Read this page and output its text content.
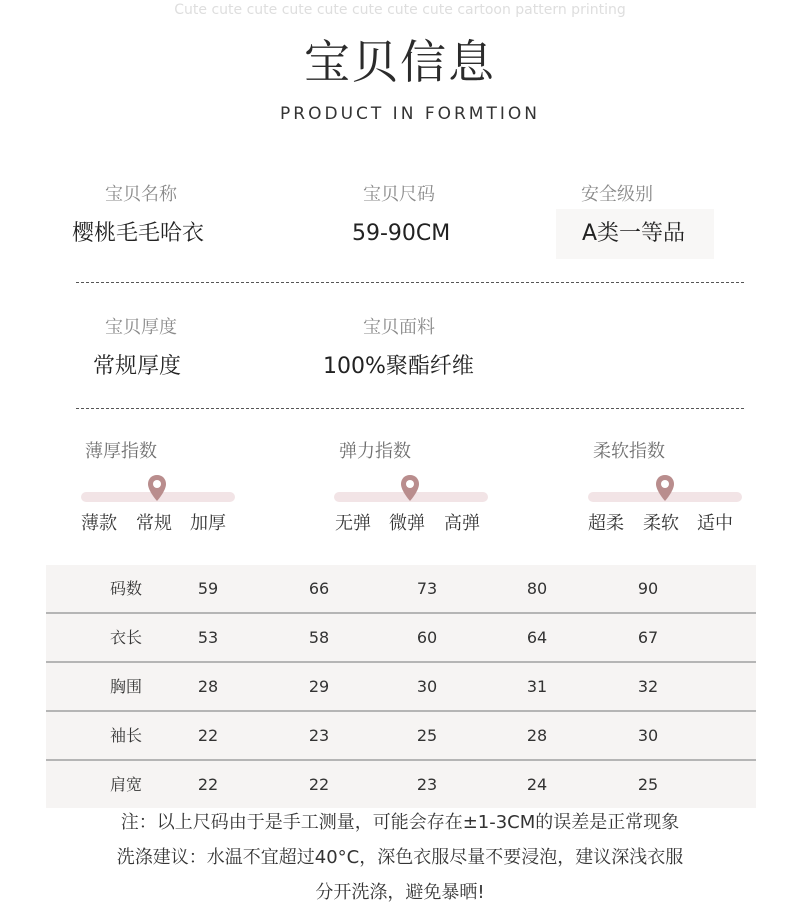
Cute cute cute cute cute cute cute cute cartoon pattern printing
宝贝信息
PRODUCT IN FORMTION
宝贝名称
樱桃毛毛哈衣
宝贝尺码
59-90CM
安全级别
A类一等品
宝贝厚度
常规厚度
宝贝面料
100%聚酯纤维
薄厚指数
薄款 常规 加厚
弹力指数
无弹 微弹 高弹
柔软指数
超柔 柔软 适中
码数	59	66	73	80	90
衣长	53	58	60	64	67
胸围	28	29	30	31	32
袖长	22	23	25	28	30
肩宽	22	22	23	24	25
注：以上尺码由于是手工测量，可能会存在±1-3CM的误差是正常现象
洗涤建议：水温不宜超过40°C，深色衣服尽量不要浸泡，建议深浅衣服
分开洗涤，避免暴晒!
